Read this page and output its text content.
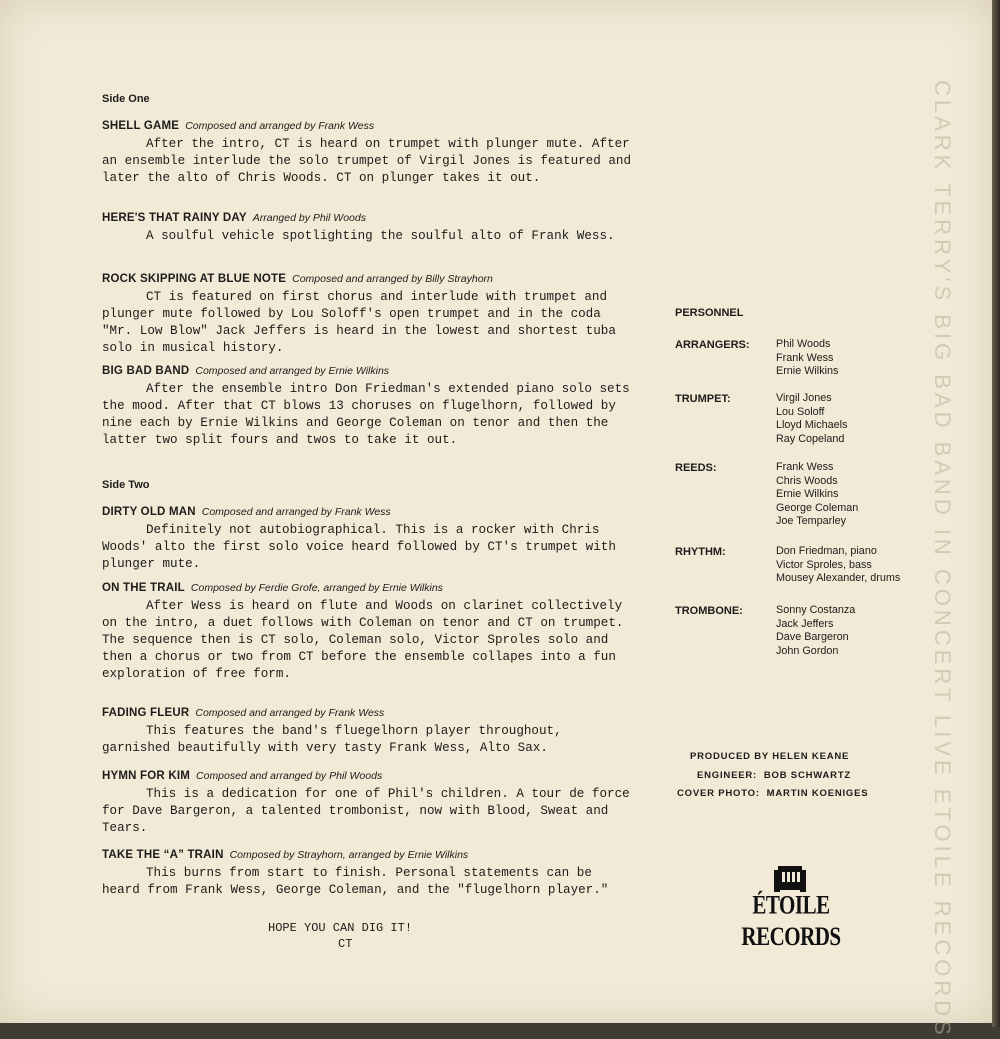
CLARK TERRY'S BIG BAD BAND IN CONCERT LIVE ETOILE RECORDS
Side One
SHELL GAME Composed and arranged by Frank Wess

After the intro, CT is heard on trumpet with plunger mute. After an ensemble interlude the solo trumpet of Virgil Jones is featured and later the alto of Chris Woods. CT on plunger takes it out.

HERE'S THAT RAINY DAY Arranged by Phil Woods

A soulful vehicle spotlighting the soulful alto of Frank Wess.

ROCK SKIPPING AT BLUE NOTE Composed and arranged by Billy Strayhorn

CT is featured on first chorus and interlude with trumpet and plunger mute followed by Lou Soloff's open trumpet and in the coda "Mr. Low Blow" Jack Jeffers is heard in the lowest and shortest tuba solo in musical history.

BIG BAD BAND Composed and arranged by Ernie Wilkins

After the ensemble intro Don Friedman's extended piano solo sets the mood. After that CT blows 13 choruses on flugelhorn, followed by nine each by Ernie Wilkins and George Coleman on tenor and then the latter two split fours and twos to take it out.

Side Two
DIRTY OLD MAN Composed and arranged by Frank Wess

Definitely not autobiographical. This is a rocker with Chris Woods' alto the first solo voice heard followed by CT's trumpet with plunger mute.

ON THE TRAIL Composed by Ferdie Grofe, arranged by Ernie Wilkins

After Wess is heard on flute and Woods on clarinet collectively on the intro, a duet follows with Coleman on tenor and CT on trumpet. The sequence then is CT solo, Coleman solo, Victor Sproles solo and then a chorus or two from CT before the ensemble collapes into a fun exploration of free form.

FADING FLEUR Composed and arranged by Frank Wess

This features the band's fluegelhorn player throughout, garnished beautifully with very tasty Frank Wess, Alto Sax.

HYMN FOR KIM Composed and arranged by Phil Woods

This is a dedication for one of Phil's children. A tour de force for Dave Bargeron, a talented trombonist, now with Blood, Sweat and Tears.

TAKE THE “A” TRAIN Composed by Strayhorn, arranged by Ernie Wilkins

This burns from start to finish. Personal statements can be heard from Frank Wess, George Coleman, and the "flugelhorn player."

HOPE YOU CAN DIG IT!
CT
PERSONNEL
ARRANGERS: Phil Woods
Frank Wess
Ernie Wilkins
TRUMPET:	Virgil Jones
Lou Soloff
Lloyd Michaels
Ray Copeland
REEDS:	Frank Wess
Chris Woods
Ernie Wilkins
George Coleman
Joe Temparley
RHYTHM:	Don Friedman, piano
Victor Sproles, bass
Mousey Alexander, drums
TROMBONE:	Sonny Costanza
Jack Jeffers
Dave Bargeron
John Gordon
PRODUCED BY HELEN KEANE
ENGINEER:  BOB SCHWARTZ
COVER PHOTO:  MARTIN KOENIGES
ÉTOILE RECORDS
